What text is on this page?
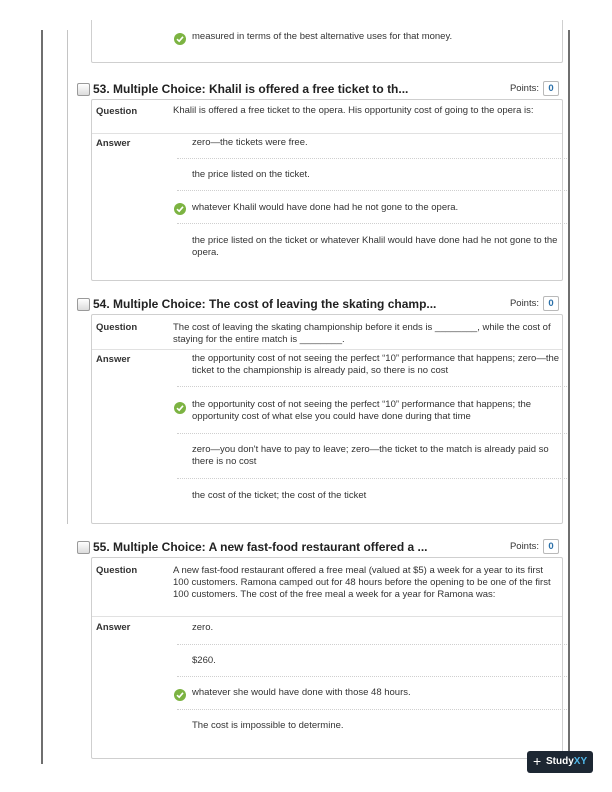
measured in terms of the best alternative uses for that money.
53. Multiple Choice: Khalil is offered a free ticket to th...	Points: 0
Question	Khalil is offered a free ticket to the opera. His opportunity cost of going to the opera is:
Answer	zero—the tickets were free.
the price listed on the ticket.
whatever Khalil would have done had he not gone to the opera.
the price listed on the ticket or whatever Khalil would have done had he not gone to the opera.
54. Multiple Choice: The cost of leaving the skating champ...	Points: 0
Question	The cost of leaving the skating championship before it ends is ________, while the cost of staying for the entire match is ________.
Answer	the opportunity cost of not seeing the perfect “10” performance that happens; zero—the ticket to the championship is already paid, so there is no cost
the opportunity cost of not seeing the perfect “10” performance that happens; the opportunity cost of what else you could have done during that time
zero—you don't have to pay to leave; zero—the ticket to the match is already paid so there is no cost
the cost of the ticket; the cost of the ticket
55. Multiple Choice: A new fast-food restaurant offered a ...	Points: 0
Question	A new fast-food restaurant offered a free meal (valued at $5) a week for a year to its first 100 customers. Ramona camped out for 48 hours before the opening to be one of the first 100 customers. The cost of the free meal a week for a year for Ramona was:
Answer	zero.
$260.
whatever she would have done with those 48 hours.
The cost is impossible to determine.
+ StudyXY
